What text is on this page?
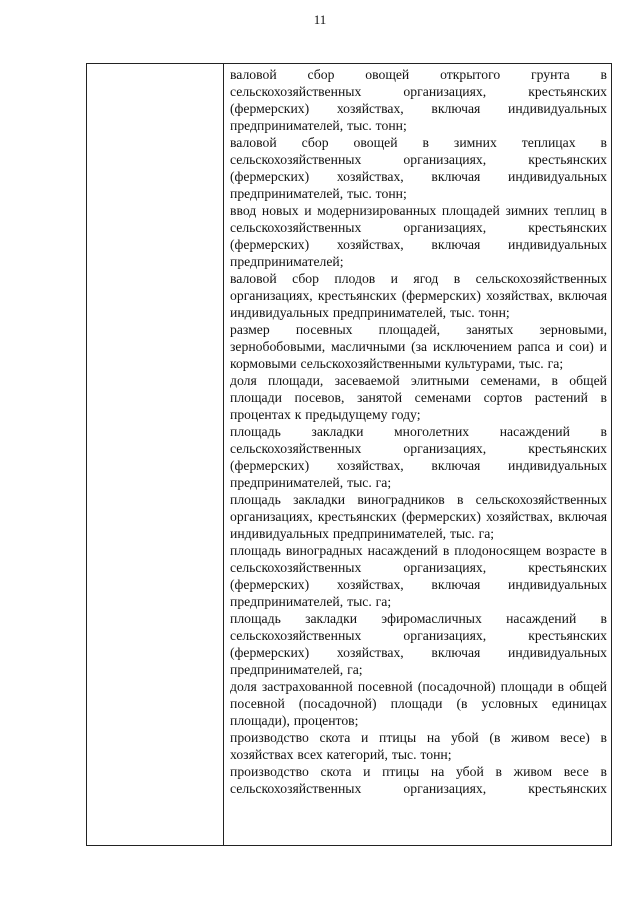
11

валовой сбор овощей открытого грунта в сельскохозяйственных организациях, крестьянских (фермерских) хозяйствах, включая индивидуальных предпринимателей, тыс. тонн;

валовой сбор овощей в зимних теплицах в сельскохозяйственных организациях, крестьянских (фермерских) хозяйствах, включая индивидуальных предпринимателей, тыс. тонн;

ввод новых и модернизированных площадей зимних теплиц в сельскохозяйственных организациях, крестьянских (фермерских) хозяйствах, включая индивидуальных предпринимателей;

валовой сбор плодов и ягод в сельскохозяйственных организациях, крестьянских (фермерских) хозяйствах, включая индивидуальных предпринимателей, тыс. тонн;

размер посевных площадей, занятых зерновыми, зернобобовыми, масличными (за исключением рапса и сои) и кормовыми сельскохозяйственными культурами, тыс. га;

доля площади, засеваемой элитными семенами, в общей площади посевов, занятой семенами сортов растений в процентах к предыдущему году;

площадь закладки многолетних насаждений в сельскохозяйственных организациях, крестьянских (фермерских) хозяйствах, включая индивидуальных предпринимателей, тыс. га;

площадь закладки виноградников в сельскохозяйственных организациях, крестьянских (фермерских) хозяйствах, включая индивидуальных предпринимателей, тыс. га;

площадь виноградных насаждений в плодоносящем возрасте в сельскохозяйственных организациях, крестьянских (фермерских) хозяйствах, включая индивидуальных предпринимателей, тыс. га;

площадь закладки эфиромасличных насаждений в сельскохозяйственных организациях, крестьянских (фермерских) хозяйствах, включая индивидуальных предпринимателей, га;

доля застрахованной посевной (посадочной) площади в общей посевной (посадочной) площади (в условных единицах площади), процентов;

производство скота и птицы на убой (в живом весе) в хозяйствах всех категорий, тыс. тонн;

производство скота и птицы на убой в живом весе в сельскохозяйственных организациях, крестьянских
